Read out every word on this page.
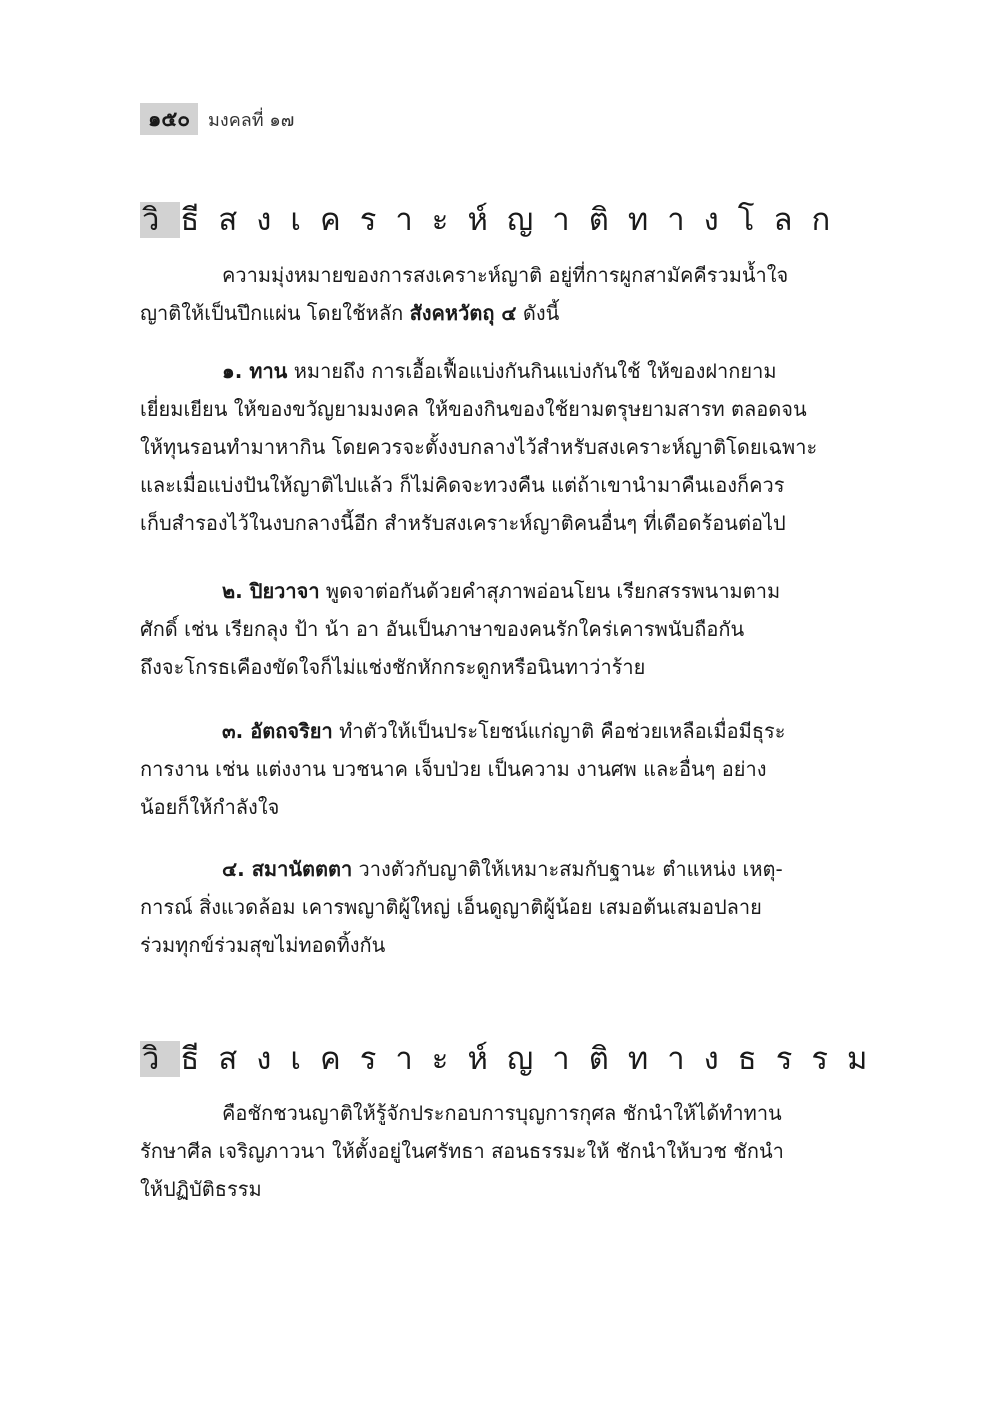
๑๕๐	มงคลที่ ๑๗
วิธีสงเคราะห์ญาติทางโลก
ความมุ่งหมายของการสงเคราะห์ญาติ อยู่ที่การผูกสามัคคีรวมน้ำใจ
ญาติให้เป็นปึกแผ่น โดยใช้หลัก สังคหวัตถุ ๔ ดังนี้
๑. ทาน หมายถึง การเอื้อเฟื้อแบ่งกันกินแบ่งกันใช้ ให้ของฝากยาม
เยี่ยมเยียน ให้ของขวัญยามมงคล ให้ของกินของใช้ยามตรุษยามสารท ตลอดจน
ให้ทุนรอนทำมาหากิน โดยควรจะตั้งงบกลางไว้สำหรับสงเคราะห์ญาติโดยเฉพาะ
และเมื่อแบ่งปันให้ญาติไปแล้ว ก็ไม่คิดจะทวงคืน แต่ถ้าเขานำมาคืนเองก็ควร
เก็บสำรองไว้ในงบกลางนี้อีก สำหรับสงเคราะห์ญาติคนอื่นๆ ที่เดือดร้อนต่อไป
๒. ปิยวาจา พูดจาต่อกันด้วยคำสุภาพอ่อนโยน เรียกสรรพนามตาม
ศักดิ์ เช่น เรียกลุง ป้า น้า อา อันเป็นภาษาของคนรักใคร่เคารพนับถือกัน
ถึงจะโกรธเคืองขัดใจก็ไม่แช่งชักหักกระดูกหรือนินทาว่าร้าย
๓. อัตถจริยา ทำตัวให้เป็นประโยชน์แก่ญาติ คือช่วยเหลือเมื่อมีธุระ
การงาน เช่น แต่งงาน บวชนาค เจ็บป่วย เป็นความ งานศพ และอื่นๆ อย่าง
น้อยก็ให้กำลังใจ
๔. สมานัตตตา วางตัวกับญาติให้เหมาะสมกับฐานะ ตำแหน่ง เหตุ-
การณ์ สิ่งแวดล้อม เคารพญาติผู้ใหญ่ เอ็นดูญาติผู้น้อย เสมอต้นเสมอปลาย
ร่วมทุกข์ร่วมสุขไม่ทอดทิ้งกัน
วิธีสงเคราะห์ญาติทางธรรม
คือชักชวนญาติให้รู้จักประกอบการบุญการกุศล ชักนำให้ได้ทำทาน
รักษาศีล เจริญภาวนา ให้ตั้งอยู่ในศรัทธา สอนธรรมะให้ ชักนำให้บวช ชักนำ
ให้ปฏิบัติธรรม
